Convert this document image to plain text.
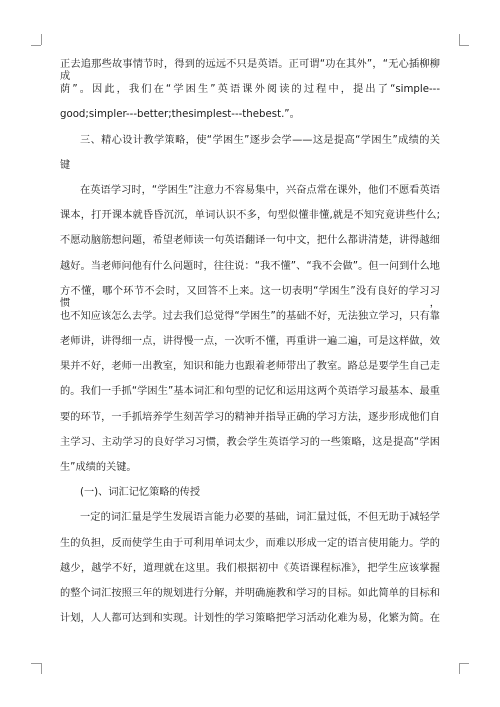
正去追那些故事情节时，得到的远远不只是英语。正可谓“功在其外”，“无心插柳柳成
荫”。因此，我们在“学困生”英语课外阅读的过程中，提出了“simple---
good;simpler---better;thesimplest---thebest.”。
三、精心设计教学策略，使“学困生”逐步会学——这是提高“学困生”成绩的关
键
在英语学习时，“学困生”注意力不容易集中，兴奋点常在课外，他们不愿看英语
课本，打开课本就昏昏沉沉，单词认识不多，句型似懂非懂,就是不知究竟讲些什么;
不愿动脑筋想问题，希望老师读一句英语翻译一句中文，把什么都讲清楚，讲得越细
越好。当老师问他有什么问题时，往往说：“我不懂”、“我不会做”。但一问到什么地
方不懂，哪个环节不会时，又回答不上来。这一切表明“学困生”没有良好的学习习惯，
也不知应该怎么去学。过去我们总觉得“学困生”的基础不好，无法独立学习，只有靠
老师讲，讲得细一点，讲得慢一点，一次听不懂，再重讲一遍二遍，可是这样做，效
果并不好，老师一出教室，知识和能力也跟着老师带出了教室。路总是要学生自己走
的。我们一手抓“学困生”基本词汇和句型的记忆和运用这两个英语学习最基本、最重
要的环节，一手抓培养学生刻苦学习的精神并指导正确的学习方法，逐步形成他们自
主学习、主动学习的良好学习习惯，教会学生英语学习的一些策略，这是提高“学困
生”成绩的关键。
(一)、词汇记忆策略的传授
一定的词汇量是学生发展语言能力必要的基础，词汇量过低，不但无助于减轻学
生的负担，反而使学生由于可利用单词太少，而难以形成一定的语言使用能力。学的
越少，越学不好，道理就在这里。我们根据初中《英语课程标准》，把学生应该掌握
的整个词汇按照三年的规划进行分解，并明确施教和学习的目标。如此简单的目标和
计划，人人都可达到和实现。计划性的学习策略把学习活动化难为易，化繁为简。在
